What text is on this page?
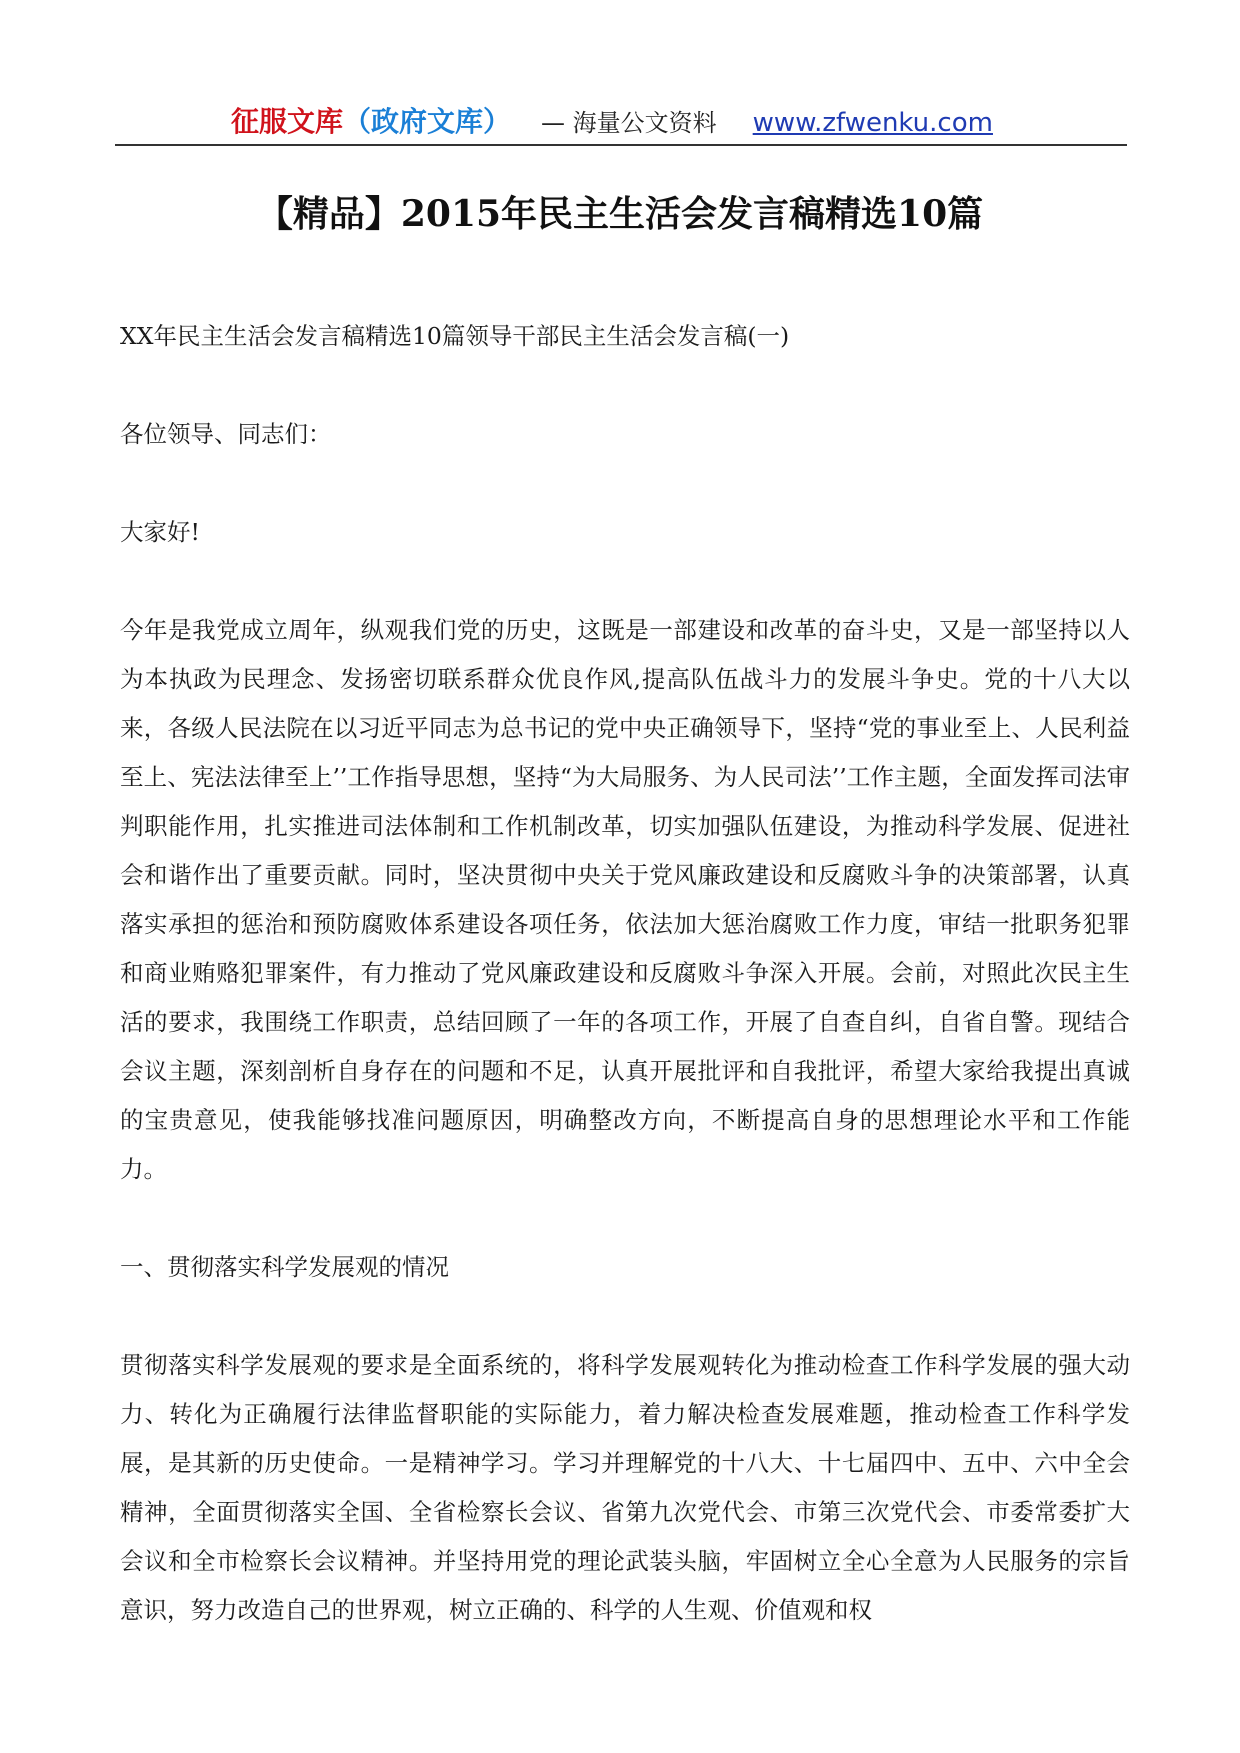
征服文库（政府文库） — 海量公文资料 www.zfwenku.com
【精品】2015年民主生活会发言稿精选10篇

XX年民主生活会发言稿精选10篇领导干部民主生活会发言稿(一)

各位领导、同志们：

大家好!

今年是我党成立周年，纵观我们党的历史，这既是一部建设和改革的奋斗史，又是一部坚持以人为本执政为民理念、发扬密切联系群众优良作风,提高队伍战斗力的发展斗争史。党的十八大以来，各级人民法院在以习近平同志为总书记的党中央正确领导下，坚持“党的事业至上、人民利益至上、宪法法律至上’’工作指导思想，坚持“为大局服务、为人民司法’’工作主题，全面发挥司法审判职能作用，扎实推进司法体制和工作机制改革，切实加强队伍建设，为推动科学发展、促进社会和谐作出了重要贡献。同时，坚决贯彻中央关于党风廉政建设和反腐败斗争的决策部署，认真落实承担的惩治和预防腐败体系建设各项任务，依法加大惩治腐败工作力度，审结一批职务犯罪和商业贿赂犯罪案件，有力推动了党风廉政建设和反腐败斗争深入开展。会前，对照此次民主生活的要求，我围绕工作职责，总结回顾了一年的各项工作，开展了自查自纠，自省自警。现结合会议主题，深刻剖析自身存在的问题和不足，认真开展批评和自我批评，希望大家给我提出真诚的宝贵意见，使我能够找准问题原因，明确整改方向，不断提高自身的思想理论水平和工作能力。

一、贯彻落实科学发展观的情况

贯彻落实科学发展观的要求是全面系统的，将科学发展观转化为推动检查工作科学发展的强大动力、转化为正确履行法律监督职能的实际能力，着力解决检查发展难题，推动检查工作科学发展，是其新的历史使命。一是精神学习。学习并理解党的十八大、十七届四中、五中、六中全会精神，全面贯彻落实全国、全省检察长会议、省第九次党代会、市第三次党代会、市委常委扩大会议和全市检察长会议精神。并坚持用党的理论武装头脑，牢固树立全心全意为人民服务的宗旨意识，努力改造自己的世界观，树立正确的、科学的人生观、价值观和权
